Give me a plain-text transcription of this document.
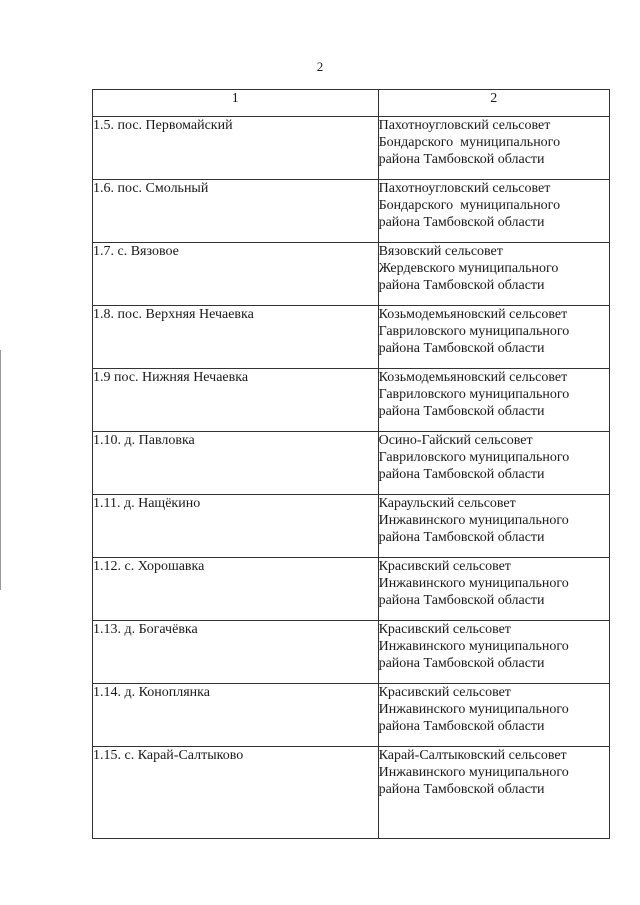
2
1	2
1.5. пос. Первомайский	Пахотноугловский сельсовет
Бондарского  муниципального
района Тамбовской области

1.6. пос. Смольный	Пахотноугловский сельсовет
Бондарского  муниципального
района Тамбовской области

1.7. с. Вязовое	Вязовский сельсовет
Жердевского муниципального
района Тамбовской области

1.8. пос. Верхняя Нечаевка	Козьмодемьяновский сельсовет
Гавриловского муниципального
района Тамбовской области

1.9 пос. Нижняя Нечаевка	Козьмодемьяновский сельсовет
Гавриловского муниципального
района Тамбовской области

1.10. д. Павловка	Осино-Гайский сельсовет
Гавриловского муниципального
района Тамбовской области

1.11. д. Нащёкино	Караульский сельсовет
Инжавинского муниципального
района Тамбовской области

1.12. с. Хорошавка	Красивский сельсовет
Инжавинского муниципального
района Тамбовской области

1.13. д. Богачёвка	Красивский сельсовет
Инжавинского муниципального
района Тамбовской области

1.14. д. Коноплянка	Красивский сельсовет
Инжавинского муниципального
района Тамбовской области

1.15. с. Карай-Салтыково	Карай-Салтыковский сельсовет
Инжавинского муниципального
района Тамбовской области
